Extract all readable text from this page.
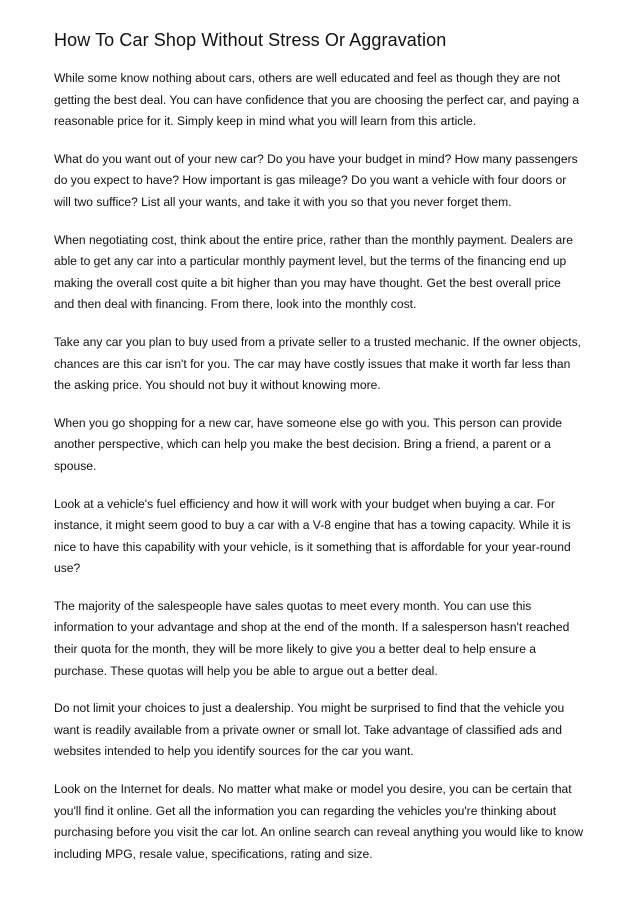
How To Car Shop Without Stress Or Aggravation

While some know nothing about cars, others are well educated and feel as though they are not getting the best deal. You can have confidence that you are choosing the perfect car, and paying a reasonable price for it. Simply keep in mind what you will learn from this article.

What do you want out of your new car? Do you have your budget in mind? How many passengers do you expect to have? How important is gas mileage? Do you want a vehicle with four doors or will two suffice? List all your wants, and take it with you so that you never forget them.

When negotiating cost, think about the entire price, rather than the monthly payment. Dealers are able to get any car into a particular monthly payment level, but the terms of the financing end up making the overall cost quite a bit higher than you may have thought. Get the best overall price and then deal with financing. From there, look into the monthly cost.

Take any car you plan to buy used from a private seller to a trusted mechanic. If the owner objects, chances are this car isn't for you. The car may have costly issues that make it worth far less than the asking price. You should not buy it without knowing more.

When you go shopping for a new car, have someone else go with you. This person can provide another perspective, which can help you make the best decision. Bring a friend, a parent or a spouse.

Look at a vehicle's fuel efficiency and how it will work with your budget when buying a car. For instance, it might seem good to buy a car with a V-8 engine that has a towing capacity. While it is nice to have this capability with your vehicle, is it something that is affordable for your year-round use?

The majority of the salespeople have sales quotas to meet every month. You can use this information to your advantage and shop at the end of the month. If a salesperson hasn't reached their quota for the month, they will be more likely to give you a better deal to help ensure a purchase. These quotas will help you be able to argue out a better deal.

Do not limit your choices to just a dealership. You might be surprised to find that the vehicle you want is readily available from a private owner or small lot. Take advantage of classified ads and websites intended to help you identify sources for the car you want.

Look on the Internet for deals. No matter what make or model you desire, you can be certain that you'll find it online. Get all the information you can regarding the vehicles you're thinking about purchasing before you visit the car lot. An online search can reveal anything you would like to know including MPG, resale value, specifications, rating and size.
